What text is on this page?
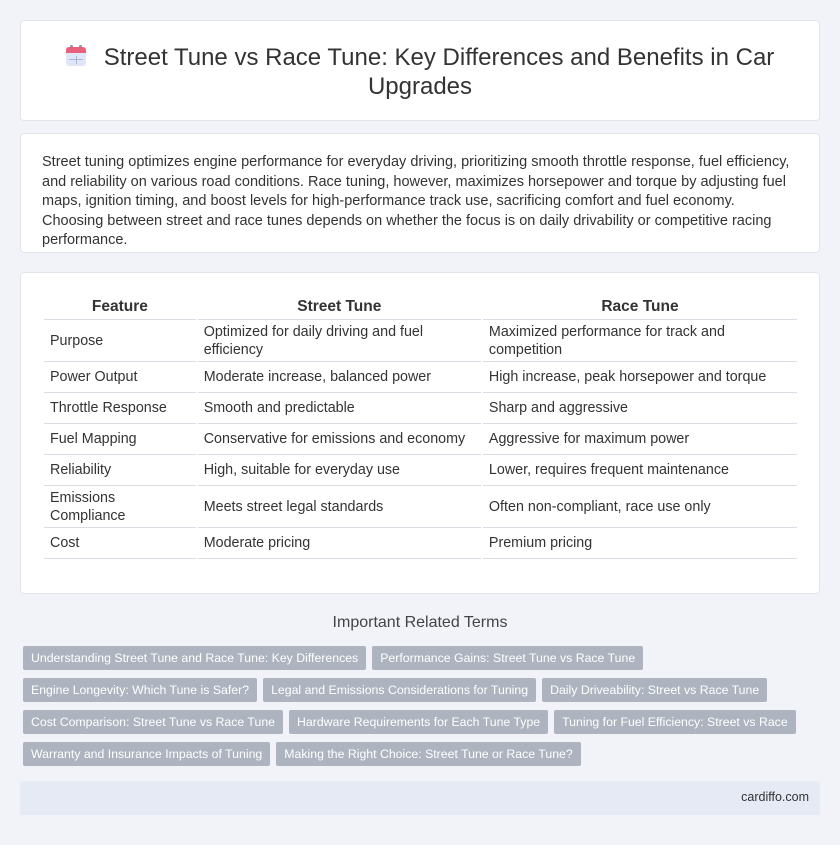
Street Tune vs Race Tune: Key Differences and Benefits in Car Upgrades

Street tuning optimizes engine performance for everyday driving, prioritizing smooth throttle response, fuel efficiency, and reliability on various road conditions. Race tuning, however, maximizes horsepower and torque by adjusting fuel maps, ignition timing, and boost levels for high-performance track use, sacrificing comfort and fuel economy. Choosing between street and race tunes depends on whether the focus is on daily drivability or competitive racing performance.

Feature	Street Tune	Race Tune
Purpose	Optimized for daily driving and fuel efficiency	Maximized performance for track and competition
Power Output	Moderate increase, balanced power	High increase, peak horsepower and torque
Throttle Response	Smooth and predictable	Sharp and aggressive
Fuel Mapping	Conservative for emissions and economy	Aggressive for maximum power
Reliability	High, suitable for everyday use	Lower, requires frequent maintenance
Emissions Compliance	Meets street legal standards	Often non-compliant, race use only
Cost	Moderate pricing	Premium pricing
Important Related Terms
Understanding Street Tune and Race Tune: Key Differences Performance Gains: Street Tune vs Race Tune
Engine Longevity: Which Tune is Safer? Legal and Emissions Considerations for Tuning Daily Driveability: Street vs Race Tune
Cost Comparison: Street Tune vs Race Tune Hardware Requirements for Each Tune Type Tuning for Fuel Efficiency: Street vs Race
Warranty and Insurance Impacts of Tuning Making the Right Choice: Street Tune or Race Tune?
cardiffo.com
